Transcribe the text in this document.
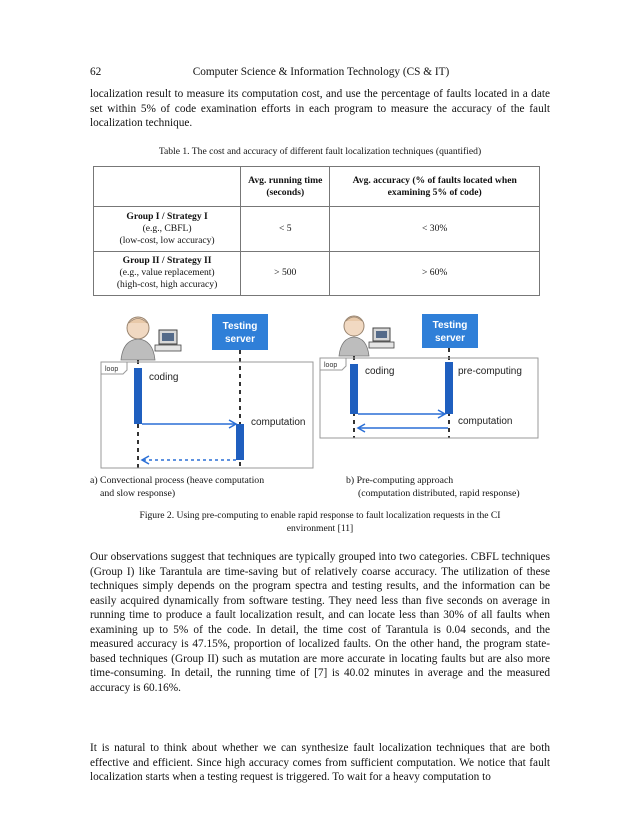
62	Computer Science & Information Technology (CS & IT)
localization result to measure its computation cost, and use the percentage of faults located in a date set within 5% of code examination efforts in each program to measure the accuracy of the fault localization technique.
Table 1. The cost and accuracy of different fault localization techniques (quantified)
	Avg. running time (seconds)	Avg. accuracy (% of faults located when examining 5% of code)

Group I / Strategy I
(e.g., CBFL)
(low-cost, low accuracy)	< 5	< 30%

Group II / Strategy II
(e.g., value replacement)
(high-cost, high accuracy)	> 500	> 60%
Testing
server
loop
coding
computation
Testing
server
loop
coding	pre-computing
computation
a) Convectional process (heave computation
and slow response)
b) Pre-computing approach
(computation distributed, rapid response)
Figure 2. Using pre-computing to enable rapid response to fault localization requests in the CI
environment [11]
Our observations suggest that techniques are typically grouped into two categories. CBFL techniques (Group I) like Tarantula are time-saving but of relatively coarse accuracy. The utilization of these techniques simply depends on the program spectra and testing results, and the information can be easily acquired dynamically from software testing. They need less than five seconds on average in running time to produce a fault localization result, and can locate less than 30% of all faults when examining up to 5% of the code. In detail, the time cost of Tarantula is 0.04 seconds, and the measured accuracy is 47.15%, proportion of localized faults. On the other hand, the program state-based techniques (Group II) such as mutation are more accurate in locating faults but are also more time-consuming. In detail, the running time of [7] is 40.02 minutes in average and the measured accuracy is 60.16%.
It is natural to think about whether we can synthesize fault localization techniques that are both effective and efficient. Since high accuracy comes from sufficient computation. We notice that fault localization starts when a testing request is triggered. To wait for a heavy computation to
